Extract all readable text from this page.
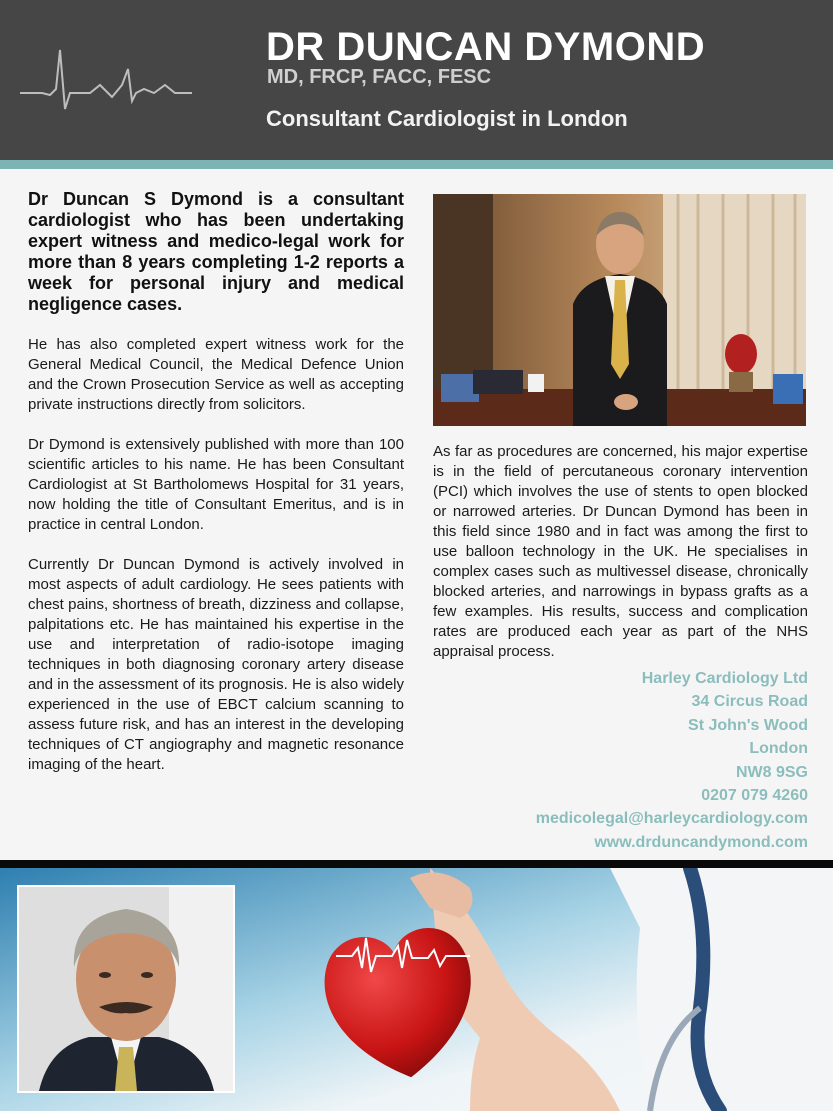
DR DUNCAN DYMOND
MD, FRCP, FACC, FESC
Consultant Cardiologist in London

Dr Duncan S Dymond is a consultant cardiologist who has been undertaking expert witness and medico-legal work for more than 8 years completing 1-2 reports a week for personal injury and medical negligence cases.

He has also completed expert witness work for the General Medical Council, the Medical Defence Union and the Crown Prosecution Service as well as accepting private instructions directly from solicitors.

Dr Dymond is extensively published with more than 100 scientific articles to his name. He has been Consultant Cardiologist at St Bartholomews Hospital for 31 years, now holding the title of Consultant Emeritus, and is in practice in central London.

Currently Dr Duncan Dymond is actively involved in most aspects of adult cardiology. He sees patients with chest pains, shortness of breath, dizziness and collapse, palpitations etc. He has maintained his expertise in the use and interpretation of radio-isotope imaging techniques in both diagnosing coronary artery disease and in the assessment of its prognosis. He is also widely experienced in the use of EBCT calcium scanning to assess future risk, and has an interest in the developing techniques of CT angiography and magnetic resonance imaging of the heart.

As far as procedures are concerned, his major expertise is in the field of percutaneous coronary intervention (PCI) which involves the use of stents to open blocked or narrowed arteries. Dr Duncan Dymond has been in this field since 1980 and in fact was among the first to use balloon technology in the UK. He specialises in complex cases such as multivessel disease, chronically blocked arteries, and narrowings in bypass grafts as a few examples. His results, success and complication rates are produced each year as part of the NHS appraisal process.

Harley Cardiology Ltd
34 Circus Road
St John's Wood
London
NW8 9SG
0207 079 4260
medicolegal@harleycardiology.com
www.drduncandymond.com
